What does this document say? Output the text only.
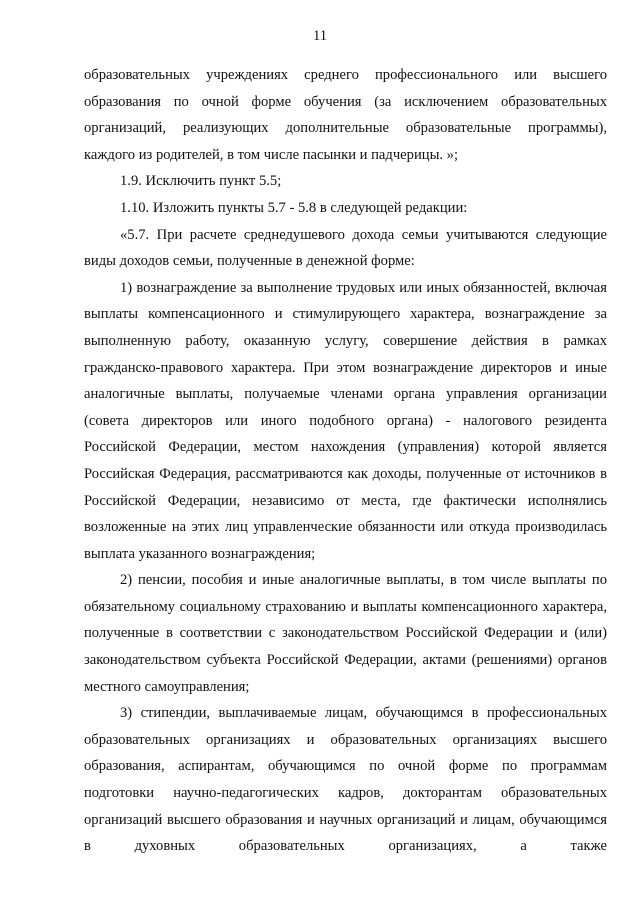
11

образовательных учреждениях среднего профессионального или высшего образования по очной форме обучения (за исключением образовательных организаций, реализующих дополнительные образовательные программы), каждого из родителей, в том числе пасынки и падчерицы. »;

1.9. Исключить пункт 5.5;

1.10. Изложить пункты 5.7 - 5.8 в следующей редакции:

«5.7. При расчете среднедушевого дохода семьи учитываются следующие виды доходов семьи, полученные в денежной форме:

1) вознаграждение за выполнение трудовых или иных обязанностей, включая выплаты компенсационного и стимулирующего характера, вознаграждение за выполненную работу, оказанную услугу, совершение действия в рамках гражданско-правового характера. При этом вознаграждение директоров и иные аналогичные выплаты, получаемые членами органа управления организации (совета директоров или иного подобного органа) - налогового резидента Российской Федерации, местом нахождения (управления) которой является Российская Федерация, рассматриваются как доходы, полученные от источников в Российской Федерации, независимо от места, где фактически исполнялись возложенные на этих лиц управленческие обязанности или откуда производилась выплата указанного вознаграждения;

2) пенсии, пособия и иные аналогичные выплаты, в том числе выплаты по обязательному социальному страхованию и выплаты компенсационного характера, полученные в соответствии с законодательством Российской Федерации и (или) законодательством субъекта Российской Федерации, актами (решениями) органов местного самоуправления;

3) стипендии, выплачиваемые лицам, обучающимся в профессиональных образовательных организациях и образовательных организациях высшего образования, аспирантам, обучающимся по очной форме по программам подготовки научно-педагогических кадров, докторантам образовательных организаций высшего образования и научных организаций и лицам, обучающимся в духовных образовательных организациях, а также
